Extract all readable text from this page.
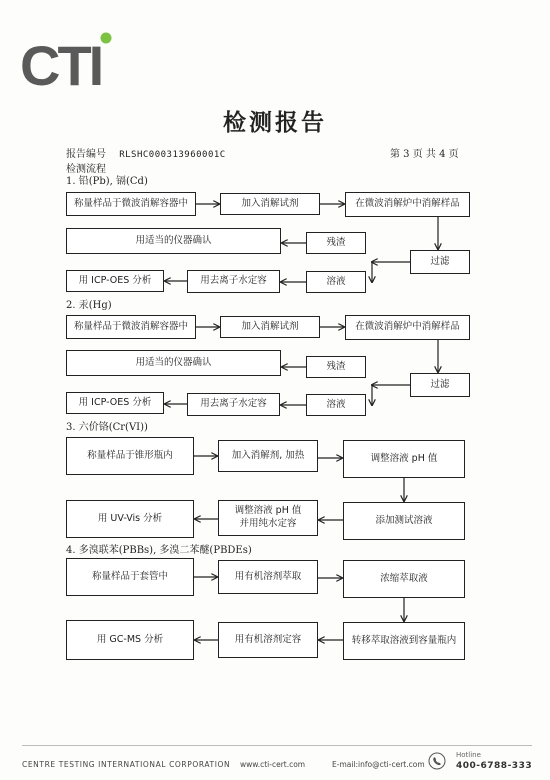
CTI
检测报告
报告编号 RLSHC000313960001C	第 3 页 共 4 页
检测流程
1. 铅(Pb), 镉(Cd)
称量样品于微波消解容器中	加入消解试剂	在微波消解炉中消解样品
用适当的仪器确认	残渣
过滤
用 ICP-OES 分析	用去离子水定容	溶液
2. 汞(Hg)
称量样品于微波消解容器中	加入消解试剂	在微波消解炉中消解样品
用适当的仪器确认	残渣
过滤
用 ICP-OES 分析	用去离子水定容	溶液
3. 六价铬(Cr(VI))
称量样品于锥形瓶内	加入消解剂, 加热	调整溶液 pH 值
用 UV-Vis 分析
调整溶液 pH 值
并用纯水定容	添加测试溶液
4. 多溴联苯(PBBs), 多溴二苯醚(PBDEs)
称量样品于套管中	用有机溶剂萃取	浓缩萃取液
用 GC-MS 分析	用有机溶剂定容	转移萃取溶液到容量瓶内
CENTRE TESTING INTERNATIONAL CORPORATION www.cti-cert.com	E-mail:info@cti-cert.com
Hotline
400-6788-333
